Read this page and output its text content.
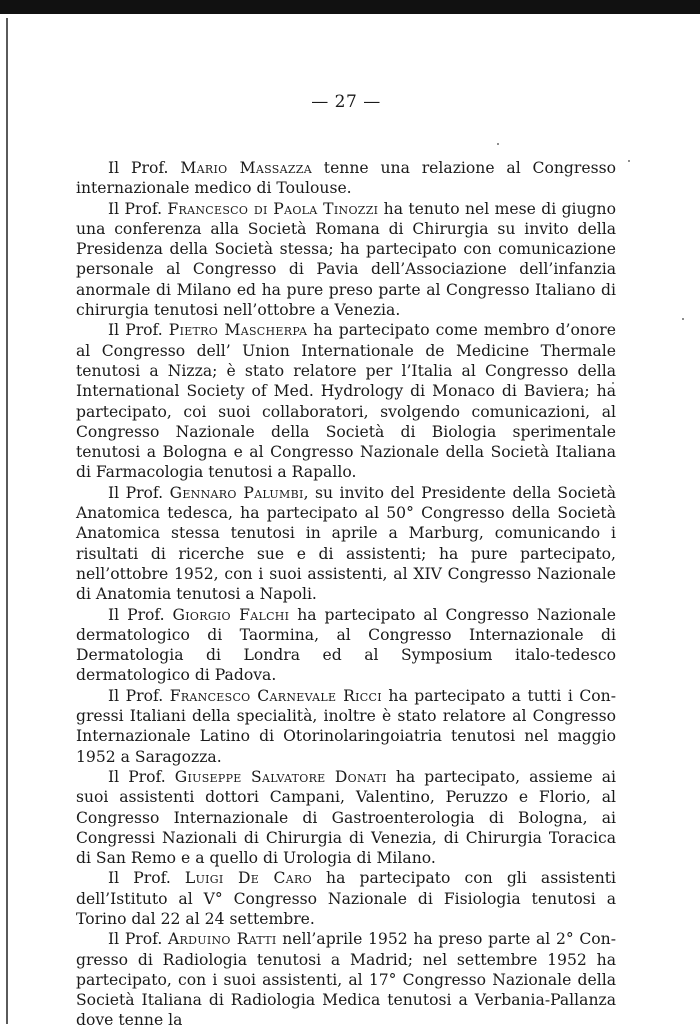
— 27 —

Il Prof. Mario Massazza tenne una relazione al Congresso internazionale medico di Toulouse.

Il Prof. Francesco di Paola Tinozzi ha tenuto nel mese di giugno una conferenza alla Società Romana di Chirurgia su invito della Presidenza della Società stessa; ha partecipato con comunicazione personale al Congresso di Pavia dell’Associazione dell’infanzia anormale di Milano ed ha pure preso parte al Congresso Italiano di chirurgia tenutosi nell’ottobre a Venezia.

Il Prof. Pietro Mascherpa ha partecipato come membro d’onore al Congresso dell’ Union Internationale de Medicine Thermale tenutosi a Nizza; è stato relatore per l’Italia al Congresso della International Society of Med. Hydrology di Monaco di Baviera; ha partecipato, coi suoi collaboratori, svolgendo comunicazioni, al Congresso Nazionale della Società di Biologia sperimentale tenutosi a Bologna e al Congresso Nazionale della Società Italiana di Farmacologia tenutosi a Rapallo.

Il Prof. Gennaro Palumbi, su invito del Presidente della Società Anatomica tedesca, ha partecipato al 50° Congresso della Società Anatomica stessa tenutosi in aprile a Marburg, comunicando i risultati di ricerche sue e di assistenti; ha pure partecipato, nell’ottobre 1952, con i suoi assistenti, al XIV Congresso Nazionale di Anatomia tenutosi a Napoli.

Il Prof. Giorgio Falchi ha partecipato al Congresso Nazionale dermatologico di Taormina, al Congresso Internazionale di Dermatologia di Londra ed al Symposium italo-tedesco dermatologico di Padova.

Il Prof. Francesco Carnevale Ricci ha partecipato a tutti i Congressi Italiani della specialità, inoltre è stato relatore al Congresso Internazionale Latino di Otorinolaringoiatria tenutosi nel maggio 1952 a Saragozza.

Il Prof. Giuseppe Salvatore Donati ha partecipato, assieme ai suoi assistenti dottori Campani, Valentino, Peruzzo e Florio, al Congresso Internazionale di Gastroenterologia di Bologna, ai Congressi Nazionali di Chirurgia di Venezia, di Chirurgia Toracica di San Remo e a quello di Urologia di Milano.

Il Prof. Luigi De Caro ha partecipato con gli assistenti dell’Istituto al V° Congresso Nazionale di Fisiologia tenutosi a Torino dal 22 al 24 settembre.

Il Prof. Arduino Ratti nell’aprile 1952 ha preso parte al 2° Congresso di Radiologia tenutosi a Madrid; nel settembre 1952 ha partecipato, con i suoi assistenti, al 17° Congresso Nazionale della Società Italiana di Radiologia Medica tenutosi a Verbania-Pallanza dove tenne la
